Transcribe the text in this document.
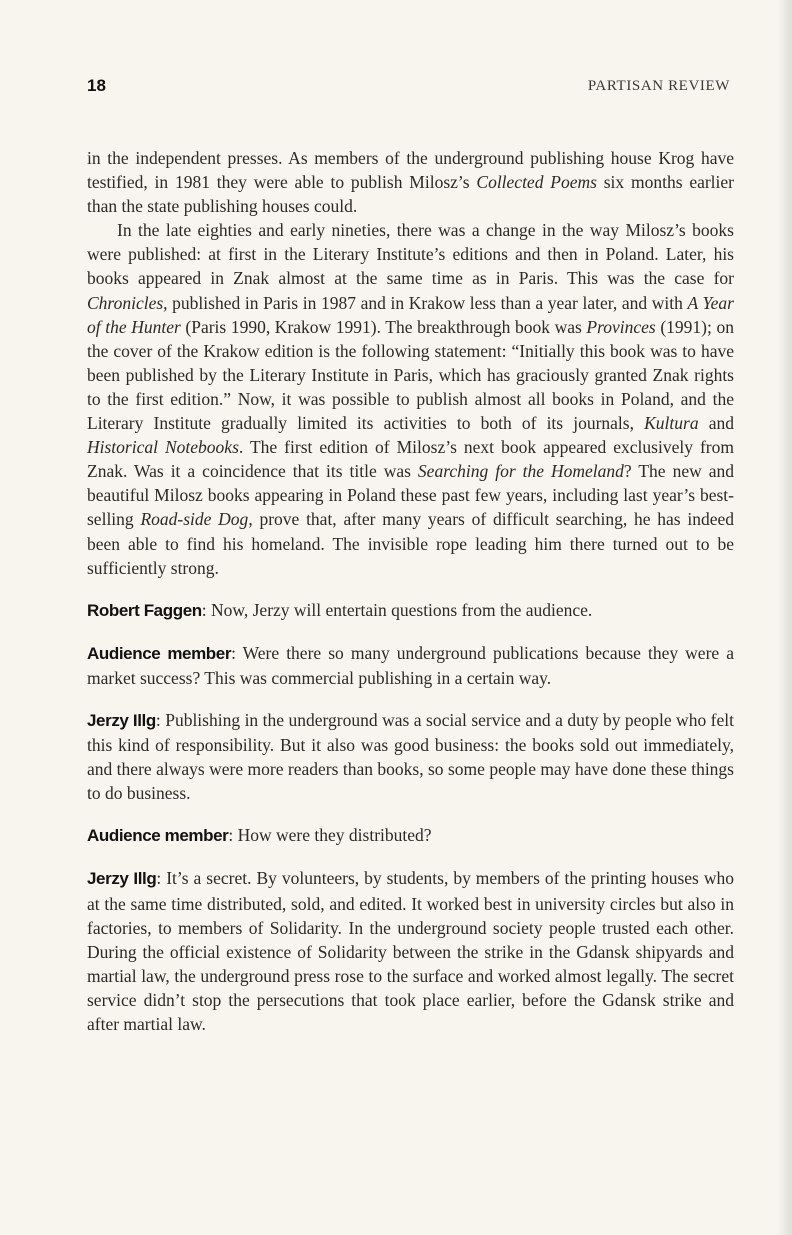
18	PARTISAN REVIEW

in the independent presses. As members of the underground publishing house Krog have testified, in 1981 they were able to publish Milosz’s Collected Poems six months earlier than the state publishing houses could.

In the late eighties and early nineties, there was a change in the way Milosz’s books were published: at first in the Literary Institute’s editions and then in Poland. Later, his books appeared in Znak almost at the same time as in Paris. This was the case for Chronicles, published in Paris in 1987 and in Krakow less than a year later, and with A Year of the Hunter (Paris 1990, Krakow 1991). The breakthrough book was Provinces (1991); on the cover of the Krakow edition is the following statement: “Initially this book was to have been published by the Literary Institute in Paris, which has graciously granted Znak rights to the first edition.” Now, it was possible to publish almost all books in Poland, and the Literary Institute gradually limited its activities to both of its journals, Kultura and Historical Notebooks. The first edition of Milosz’s next book appeared exclusively from Znak. Was it a coincidence that its title was Searching for the Homeland? The new and beautiful Milosz books appearing in Poland these past few years, including last year’s best-selling Road-side Dog, prove that, after many years of difficult searching, he has indeed been able to find his homeland. The invisible rope leading him there turned out to be sufficiently strong.

Robert Faggen: Now, Jerzy will entertain questions from the audience.

Audience member: Were there so many underground publications because they were a market success? This was commercial publishing in a certain way.

Jerzy Illg: Publishing in the underground was a social service and a duty by people who felt this kind of responsibility. But it also was good business: the books sold out immediately, and there always were more readers than books, so some people may have done these things to do business.

Audience member: How were they distributed?

Jerzy Illg: It’s a secret. By volunteers, by students, by members of the printing houses who at the same time distributed, sold, and edited. It worked best in university circles but also in factories, to members of Solidarity. In the underground society people trusted each other. During the official existence of Solidarity between the strike in the Gdansk shipyards and martial law, the underground press rose to the surface and worked almost legally. The secret service didn’t stop the persecutions that took place earlier, before the Gdansk strike and after martial law.
